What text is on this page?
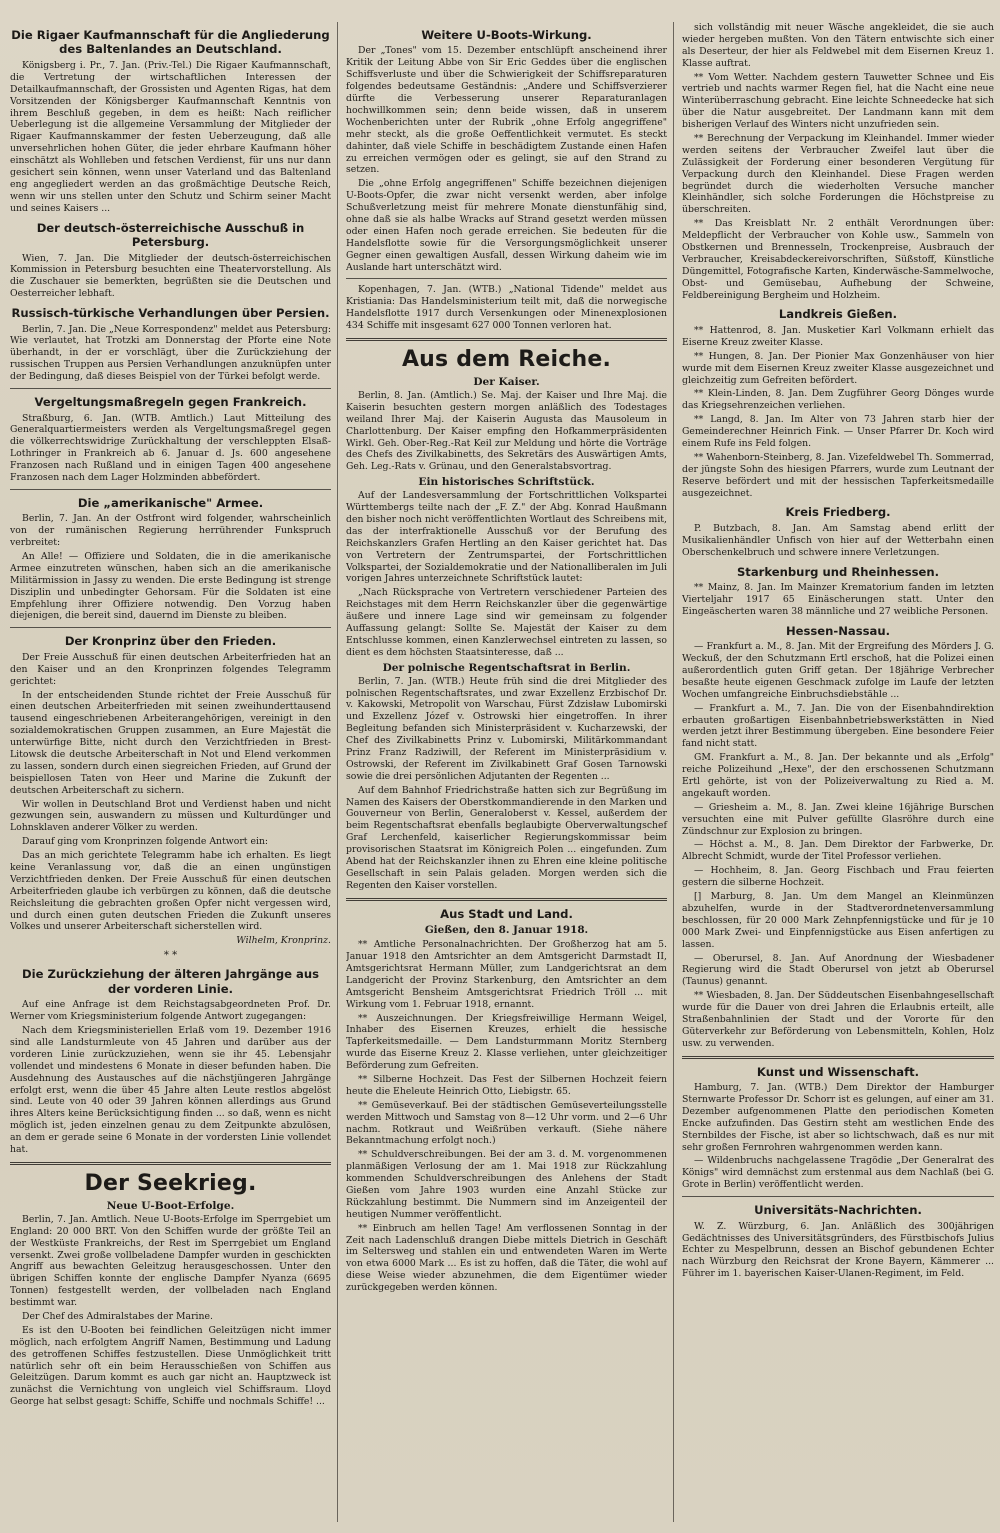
Die Rigaer Kaufmannschaft für die Angliederung des Baltenlandes an Deutschland.

Königsberg i. Pr., 7. Jan. (Priv.-Tel.) Die Rigaer Kaufmannschaft, die Vertretung der wirtschaftlichen Interessen der Detailkaufmannschaft, der Grossisten und Agenten Rigas, hat dem Vorsitzenden der Königsberger Kaufmannschaft Kenntnis von ihrem Beschluß gegeben, in dem es heißt: Nach reiflicher Ueberlegung ist die allgemeine Versammlung der Mitglieder der Rigaer Kaufmannskammer der festen Ueberzeugung, daß alle unversehrlichen hohen Güter, die jeder ehrbare Kaufmann höher einschätzt als Wohlleben und fetschen Verdienst, für uns nur dann gesichert sein können, wenn unser Vaterland und das Baltenland eng angegliedert werden an das großmächtige Deutsche Reich, wenn wir uns stellen unter den Schutz und Schirm seiner Macht und seines Kaisers ...

Der deutsch-österreichische Ausschuß in Petersburg.

Wien, 7. Jan. Die Mitglieder der deutsch-österreichischen Kommission in Petersburg besuchten eine Theatervorstellung. Als die Zuschauer sie bemerkten, begrüßten sie die Deutschen und Oesterreicher lebhaft.

Russisch-türkische Verhandlungen über Persien.

Berlin, 7. Jan. Die „Neue Korrespondenz" meldet aus Petersburg: Wie verlautet, hat Trotzki am Donnerstag der Pforte eine Note überhandt, in der er vorschlägt, über die Zurückziehung der russischen Truppen aus Persien Verhandlungen anzuknüpfen unter der Bedingung, daß dieses Beispiel von der Türkei befolgt werde.

Vergeltungsmaßregeln gegen Frankreich.

Straßburg, 6. Jan. (WTB. Amtlich.) Laut Mitteilung des Generalquartiermeisters werden als Vergeltungsmaßregel gegen die völkerrechtswidrige Zurückhaltung der verschleppten Elsaß-Lothringer in Frankreich ab 6. Januar d. Js. 600 angesehene Franzosen nach Rußland und in einigen Tagen 400 angesehene Franzosen nach dem Lager Holzminden abbefördert.

Die „amerikanische" Armee.

Berlin, 7. Jan. An der Ostfront wird folgender, wahrscheinlich von der rumänischen Regierung herrührender Funkspruch verbreitet:

An Alle! — Offiziere und Soldaten, die in die amerikanische Armee einzutreten wünschen, haben sich an die amerikanische Militärmission in Jassy zu wenden. Die erste Bedingung ist strenge Disziplin und unbedingter Gehorsam. Für die Soldaten ist eine Empfehlung ihrer Offiziere notwendig. Den Vorzug haben diejenigen, die bereit sind, dauernd im Dienste zu bleiben.

Der Kronprinz über den Frieden.

Der Freie Ausschuß für einen deutschen Arbeiterfrieden hat an den Kaiser und an den Kronprinzen folgendes Telegramm gerichtet:

In der entscheidenden Stunde richtet der Freie Ausschuß für einen deutschen Arbeiterfrieden mit seinen zweihunderttausend tausend eingeschriebenen Arbeiterangehörigen, vereinigt in den sozialdemokratischen Gruppen zusammen, an Eure Majestät die unterwürfige Bitte, nicht durch den Verzichtfrieden in Brest-Litowsk die deutsche Arbeiterschaft in Not und Elend verkommen zu lassen, sondern durch einen siegreichen Frieden, auf Grund der beispiellosen Taten von Heer und Marine die Zukunft der deutschen Arbeiterschaft zu sichern.

Wir wollen in Deutschland Brot und Verdienst haben und nicht gezwungen sein, auswandern zu müssen und Kulturdünger und Lohnsklaven anderer Völker zu werden.

Darauf ging vom Kronprinzen folgende Antwort ein:

Das an mich gerichtete Telegramm habe ich erhalten. Es liegt keine Veranlassung vor, daß die an einen ungünstigen Verzichtfrieden denken. Der Freie Ausschuß für einen deutschen Arbeiterfrieden glaube ich verbürgen zu können, daß die deutsche Reichsleitung die gebrachten großen Opfer nicht vergessen wird, und durch einen guten deutschen Frieden die Zukunft unseres Volkes und unserer Arbeiterschaft sicherstellen wird.

Wilhelm, Kronprinz.
* *
Die Zurückziehung der älteren Jahrgänge aus der vorderen Linie.

Auf eine Anfrage ist dem Reichstagsabgeordneten Prof. Dr. Werner vom Kriegsministerium folgende Antwort zugegangen:

Nach dem Kriegsministeriellen Erlaß vom 19. Dezember 1916 sind alle Landsturmleute von 45 Jahren und darüber aus der vorderen Linie zurückzuziehen, wenn sie ihr 45. Lebensjahr vollendet und mindestens 6 Monate in dieser befunden haben. Die Ausdehnung des Austausches auf die nächstjüngeren Jahrgänge erfolgt erst, wenn die über 45 Jahre alten Leute restlos abgelöst sind. Leute von 40 oder 39 Jahren können allerdings aus Grund ihres Alters keine Berücksichtigung finden ... so daß, wenn es nicht möglich ist, jeden einzelnen genau zu dem Zeitpunkte abzulösen, an dem er gerade seine 6 Monate in der vordersten Linie vollendet hat.

Der Seekrieg.
Neue U-Boot-Erfolge.

Berlin, 7. Jan. Amtlich. Neue U-Boots-Erfolge im Sperrgebiet um England: 20 000 BRT. Von den Schiffen wurde der größte Teil an der Westküste Frankreichs, der Rest im Sperrgebiet um England versenkt. Zwei große vollbeladene Dampfer wurden in geschickten Angriff aus bewachten Geleitzug herausgeschossen. Unter den übrigen Schiffen konnte der englische Dampfer Nyanza (6695 Tonnen) festgestellt werden, der vollbeladen nach England bestimmt war.

Der Chef des Admiralstabes der Marine.

Es ist den U-Booten bei feindlichen Geleitzügen nicht immer möglich, nach erfolgtem Angriff Namen, Bestimmung und Ladung des getroffenen Schiffes festzustellen. Diese Unmöglichkeit tritt natürlich sehr oft ein beim Herausschießen von Schiffen aus Geleitzügen. Darum kommt es auch gar nicht an. Hauptzweck ist zunächst die Vernichtung von ungleich viel Schiffsraum. Lloyd George hat selbst gesagt: Schiffe, Schiffe und nochmals Schiffe! ...

Weitere U-Boots-Wirkung.

Der „Tones" vom 15. Dezember entschlüpft anscheinend ihrer Kritik der Leitung Abbe von Sir Eric Geddes über die englischen Schiffsverluste und über die Schwierigkeit der Schiffsreparaturen folgendes bedeutsame Geständnis: „Andere und Schiffsverzierer dürfte die Verbesserung unserer Reparaturanlagen hochwillkommen sein; denn beide wissen, daß in unserem Wochenberichten unter der Rubrik „ohne Erfolg angegriffene" mehr steckt, als die große Oeffentlichkeit vermutet. Es steckt dahinter, daß viele Schiffe in beschädigtem Zustande einen Hafen zu erreichen vermögen oder es gelingt, sie auf den Strand zu setzen.

Die „ohne Erfolg angegriffenen" Schiffe bezeichnen diejenigen U-Boots-Opfer, die zwar nicht versenkt werden, aber infolge Schußverletzung meist für mehrere Monate dienstunfähig sind, ohne daß sie als halbe Wracks auf Strand gesetzt werden müssen oder einen Hafen noch gerade erreichen. Sie bedeuten für die Handelsflotte sowie für die Versorgungsmöglichkeit unserer Gegner einen gewaltigen Ausfall, dessen Wirkung daheim wie im Auslande hart unterschätzt wird.

Kopenhagen, 7. Jan. (WTB.) „National Tidende" meldet aus Kristiania: Das Handelsministerium teilt mit, daß die norwegische Handelsflotte 1917 durch Versenkungen oder Minenexplosionen 434 Schiffe mit insgesamt 627 000 Tonnen verloren hat.

Aus dem Reiche.
Der Kaiser.

Berlin, 8. Jan. (Amtlich.) Se. Maj. der Kaiser und Ihre Maj. die Kaiserin besuchten gestern morgen anläßlich des Todestages weiland Ihrer Maj. der Kaiserin Augusta das Mausoleum in Charlottenburg. Der Kaiser empfing den Hofkammerpräsidenten Wirkl. Geh. Ober-Reg.-Rat Keil zur Meldung und hörte die Vorträge des Chefs des Zivilkabinetts, des Sekretärs des Auswärtigen Amts, Geh. Leg.-Rats v. Grünau, und den Generalstabsvortrag.

Ein historisches Schriftstück.

Auf der Landesversammlung der Fortschrittlichen Volkspartei Württembergs teilte nach der „F. Z." der Abg. Konrad Haußmann den bisher noch nicht veröffentlichten Wortlaut des Schreibens mit, das der interfraktionelle Ausschuß vor der Berufung des Reichskanzlers Grafen Hertling an den Kaiser gerichtet hat. Das von Vertretern der Zentrumspartei, der Fortschrittlichen Volkspartei, der Sozialdemokratie und der Nationalliberalen im Juli vorigen Jahres unterzeichnete Schriftstück lautet:

„Nach Rücksprache von Vertretern verschiedener Parteien des Reichstages mit dem Herrn Reichskanzler über die gegenwärtige äußere und innere Lage sind wir gemeinsam zu folgender Auffassung gelangt: Sollte Se. Majestät der Kaiser zu dem Entschlusse kommen, einen Kanzlerwechsel eintreten zu lassen, so dient es dem höchsten Staatsinteresse, daß ...

Der polnische Regentschaftsrat in Berlin.

Berlin, 7. Jan. (WTB.) Heute früh sind die drei Mitglieder des polnischen Regentschaftsrates, und zwar Exzellenz Erzbischof Dr. v. Kakowski, Metropolit von Warschau, Fürst Zdzisław Lubomirski und Exzellenz Józef v. Ostrowski hier eingetroffen. In ihrer Begleitung befanden sich Ministerpräsident v. Kucharzewski, der Chef des Zivilkabinetts Prinz v. Lubomirski, Militärkommandant Prinz Franz Radziwill, der Referent im Ministerpräsidium v. Ostrowski, der Referent im Zivilkabinett Graf Gosen Tarnowski sowie die drei persönlichen Adjutanten der Regenten ...

Auf dem Bahnhof Friedrichstraße hatten sich zur Begrüßung im Namen des Kaisers der Oberstkommandierende in den Marken und Gouverneur von Berlin, Generaloberst v. Kessel, außerdem der beim Regentschaftsrat ebenfalls beglaubigte Oberverwaltungschef Graf Lerchenfeld, kaiserlicher Regierungskommissar beim provisorischen Staatsrat im Königreich Polen ... eingefunden. Zum Abend hat der Reichskanzler ihnen zu Ehren eine kleine politische Gesellschaft in sein Palais geladen. Morgen werden sich die Regenten den Kaiser vorstellen.

Aus Stadt und Land.
Gießen, den 8. Januar 1918.

** Amtliche Personalnachrichten. Der Großherzog hat am 5. Januar 1918 den Amtsrichter an dem Amtsgericht Darmstadt II, Amtsgerichtsrat Hermann Müller, zum Landgerichtsrat an dem Landgericht der Provinz Starkenburg, den Amtsrichter an dem Amtsgericht Bensheim Amtsgerichtsrat Friedrich Tröll ... mit Wirkung vom 1. Februar 1918, ernannt.

** Auszeichnungen. Der Kriegsfreiwillige Hermann Weigel, Inhaber des Eisernen Kreuzes, erhielt die hessische Tapferkeitsmedaille. — Dem Landsturmmann Moritz Sternberg wurde das Eiserne Kreuz 2. Klasse verliehen, unter gleichzeitiger Beförderung zum Gefreiten.

** Silberne Hochzeit. Das Fest der Silbernen Hochzeit feiern heute die Eheleute Heinrich Otto, Liebigstr. 65.

** Gemüseverkauf. Bei der städtischen Gemüseverteilungsstelle werden Mittwoch und Samstag von 8—12 Uhr vorm. und 2—6 Uhr nachm. Rotkraut und Weißrüben verkauft. (Siehe nähere Bekanntmachung erfolgt noch.)

** Schuldverschreibungen. Bei der am 3. d. M. vorgenommenen planmäßigen Verlosung der am 1. Mai 1918 zur Rückzahlung kommenden Schuldverschreibungen des Anlehens der Stadt Gießen vom Jahre 1903 wurden eine Anzahl Stücke zur Rückzahlung bestimmt. Die Nummern sind im Anzeigenteil der heutigen Nummer veröffentlicht.

** Einbruch am hellen Tage! Am verflossenen Sonntag in der Zeit nach Ladenschluß drangen Diebe mittels Dietrich in Geschäft im Seltersweg und stahlen ein und entwendeten Waren im Werte von etwa 6000 Mark ... Es ist zu hoffen, daß die Täter, die wohl auf diese Weise wieder abzunehmen, die dem Eigentümer wieder zurückgegeben werden können.

sich vollständig mit neuer Wäsche angekleidet, die sie auch wieder hergeben mußten. Von den Tätern entwischte sich einer als Deserteur, der hier als Feldwebel mit dem Eisernen Kreuz 1. Klasse auftrat.

** Vom Wetter. Nachdem gestern Tauwetter Schnee und Eis vertrieb und nachts warmer Regen fiel, hat die Nacht eine neue Winterüberraschung gebracht. Eine leichte Schneedecke hat sich über die Natur ausgebreitet. Der Landmann kann mit dem bisherigen Verlauf des Winters nicht unzufrieden sein.

** Berechnung der Verpackung im Kleinhandel. Immer wieder werden seitens der Verbraucher Zweifel laut über die Zulässigkeit der Forderung einer besonderen Vergütung für Verpackung durch den Kleinhandel. Diese Fragen werden begründet durch die wiederholten Versuche mancher Kleinhändler, sich solche Forderungen die Höchstpreise zu überschreiten.

** Das Kreisblatt Nr. 2 enthält Verordnungen über: Meldepflicht der Verbraucher von Kohle usw., Sammeln von Obstkernen und Brennesseln, Trockenpreise, Ausbrauch der Verbraucher, Kreisabdeckereivorschriften, Süßstoff, Künstliche Düngemittel, Fotografische Karten, Kinderwäsche-Sammelwoche, Obst- und Gemüsebau, Aufhebung der Schweine, Feldbereinigung Bergheim und Holzheim.

Landkreis Gießen.

** Hattenrod, 8. Jan. Musketier Karl Volkmann erhielt das Eiserne Kreuz zweiter Klasse.

** Hungen, 8. Jan. Der Pionier Max Gonzenhäuser von hier wurde mit dem Eisernen Kreuz zweiter Klasse ausgezeichnet und gleichzeitig zum Gefreiten befördert.

** Klein-Linden, 8. Jan. Dem Zugführer Georg Dönges wurde das Kriegsehrenzeichen verliehen.

** Langd, 8. Jan. Im Alter von 73 Jahren starb hier der Gemeinderechner Heinrich Fink. — Unser Pfarrer Dr. Koch wird einem Rufe ins Feld folgen.

** Wahenborn-Steinberg, 8. Jan. Vizefeldwebel Th. Sommerrad, der jüngste Sohn des hiesigen Pfarrers, wurde zum Leutnant der Reserve befördert und mit der hessischen Tapferkeitsmedaille ausgezeichnet.

Kreis Friedberg.

P. Butzbach, 8. Jan. Am Samstag abend erlitt der Musikalienhändler Unfisch von hier auf der Wetterbahn einen Oberschenkelbruch und schwere innere Verletzungen.

Starkenburg und Rheinhessen.

** Mainz, 8. Jan. Im Mainzer Krematorium fanden im letzten Vierteljahr 1917 65 Einäscherungen statt. Unter den Eingeäscherten waren 38 männliche und 27 weibliche Personen.

Hessen-Nassau.

— Frankfurt a. M., 8. Jan. Mit der Ergreifung des Mörders J. G. Weckuß, der den Schutzmann Ertl erschoß, hat die Polizei einen außerordentlich guten Griff getan. Der 18jährige Verbrecher besaßte heute eigenen Geschmack zufolge im Laufe der letzten Wochen umfangreiche Einbruchsdiebstähle ...

— Frankfurt a. M., 7. Jan. Die von der Eisenbahndirektion erbauten großartigen Eisenbahnbetriebswerkstätten in Nied werden jetzt ihrer Bestimmung übergeben. Eine besondere Feier fand nicht statt.

GM. Frankfurt a. M., 8. Jan. Der bekannte und als „Erfolg" reiche Polizeihund „Hexe", der den erschossenen Schutzmann Ertl gehörte, ist von der Polizeiverwaltung zu Ried a. M. angekauft worden.

— Griesheim a. M., 8. Jan. Zwei kleine 16jährige Burschen versuchten eine mit Pulver gefüllte Glasröhre durch eine Zündschnur zur Explosion zu bringen.

— Höchst a. M., 8. Jan. Dem Direktor der Farbwerke, Dr. Albrecht Schmidt, wurde der Titel Professor verliehen.

— Hochheim, 8. Jan. Georg Fischbach und Frau feierten gestern die silberne Hochzeit.

[] Marburg, 8. Jan. Um dem Mangel an Kleinmünzen abzuhelfen, wurde in der Stadtverordnetenversammlung beschlossen, für 20 000 Mark Zehnpfennigstücke und für je 10 000 Mark Zwei- und Einpfennigstücke aus Eisen anfertigen zu lassen.

— Oberursel, 8. Jan. Auf Anordnung der Wiesbadener Regierung wird die Stadt Oberursel von jetzt ab Oberursel (Taunus) genannt.

** Wiesbaden, 8. Jan. Der Süddeutschen Eisenbahngesellschaft wurde für die Dauer von drei Jahren die Erlaubnis erteilt, alle Straßenbahnlinien der Stadt und der Vororte für den Güterverkehr zur Beförderung von Lebensmitteln, Kohlen, Holz usw. zu verwenden.

Kunst und Wissenschaft.

Hamburg, 7. Jan. (WTB.) Dem Direktor der Hamburger Sternwarte Professor Dr. Schorr ist es gelungen, auf einer am 31. Dezember aufgenommenen Platte den periodischen Kometen Encke aufzufinden. Das Gestirn steht am westlichen Ende des Sternbildes der Fische, ist aber so lichtschwach, daß es nur mit sehr großen Fernrohren wahrgenommen werden kann.

— Wildenbruchs nachgelassene Tragödie „Der Generalrat des Königs" wird demnächst zum erstenmal aus dem Nachlaß (bei G. Grote in Berlin) veröffentlicht werden.

Universitäts-Nachrichten.

W. Z. Würzburg, 6. Jan. Anläßlich des 300jährigen Gedächtnisses des Universitätsgründers, des Fürstbischofs Julius Echter zu Mespelbrunn, dessen an Bischof gebundenen Echter nach Würzburg den Reichsrat der Krone Bayern, Kämmerer ... Führer im 1. bayerischen Kaiser-Ulanen-Regiment, im Feld.
